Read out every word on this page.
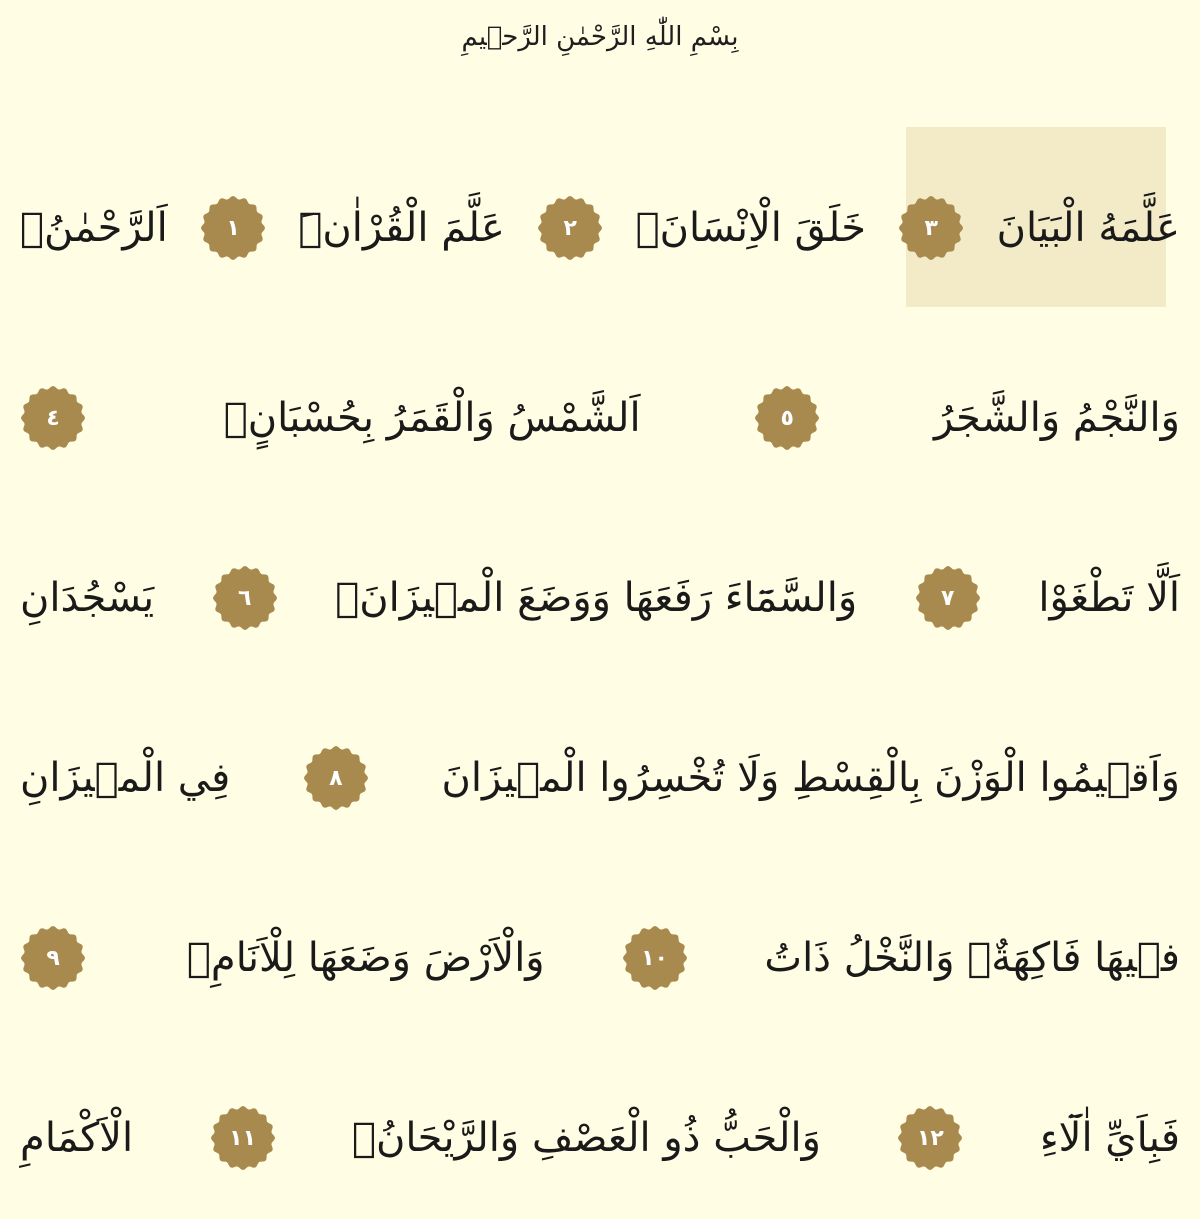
بِسْمِ اللّٰهِ الرَّحْمٰنِ الرَّح۪يمِ
اَلرَّحْمٰنُۙ	١	عَلَّمَ الْقُرْاٰنَۜ	٢	خَلَقَ الْاِنْسَانَۙ	٣	عَلَّمَهُ الْبَيَانَ
٤	اَلشَّمْسُ وَالْقَمَرُ بِحُسْبَانٍۙ	٥	وَالنَّجْمُ وَالشَّجَرُ
يَسْجُدَانِ	٦	وَالسَّمَٓاءَ رَفَعَهَا وَوَضَعَ الْم۪يزَانَۙ	٧	اَلَّا تَطْغَوْا
فِي الْم۪يزَانِ	٨	وَاَق۪يمُوا الْوَزْنَ بِالْقِسْطِ وَلَا تُخْسِرُوا الْم۪يزَانَ
٩	وَالْاَرْضَ وَضَعَهَا لِلْاَنَامِۙ	١٠	ف۪يهَا فَاكِهَةٌۙ وَالنَّخْلُ ذَاتُ
الْاَكْمَامِ	١١	وَالْحَبُّ ذُو الْعَصْفِ وَالرَّيْحَانُۚ	١٢	فَبِاَيِّ اٰلَٓاءِ
